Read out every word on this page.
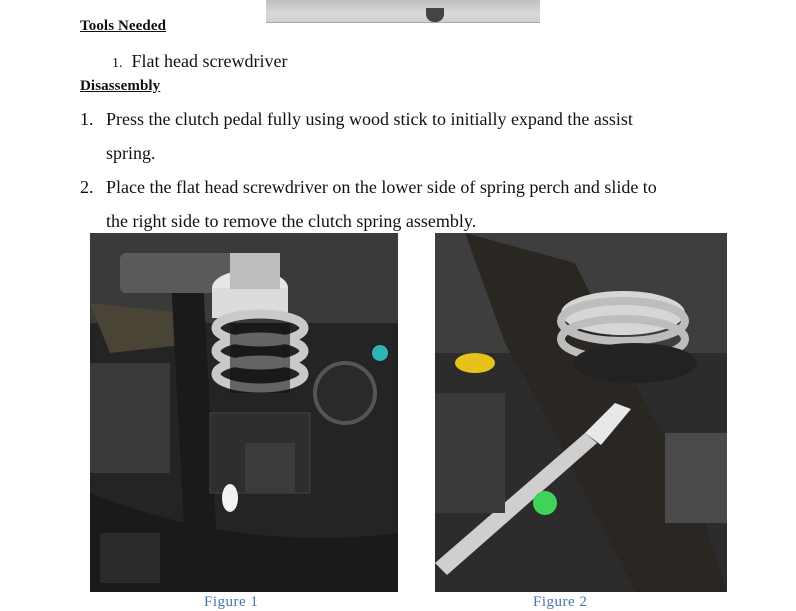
Tools Needed
1. Flat head screwdriver
Disassembly
1. Press the clutch pedal fully using wood stick to initially expand the assist
spring.
2. Place the flat head screwdriver on the lower side of spring perch and slide to
the right side to remove the clutch spring assembly.
Figure 1	Figure 2
